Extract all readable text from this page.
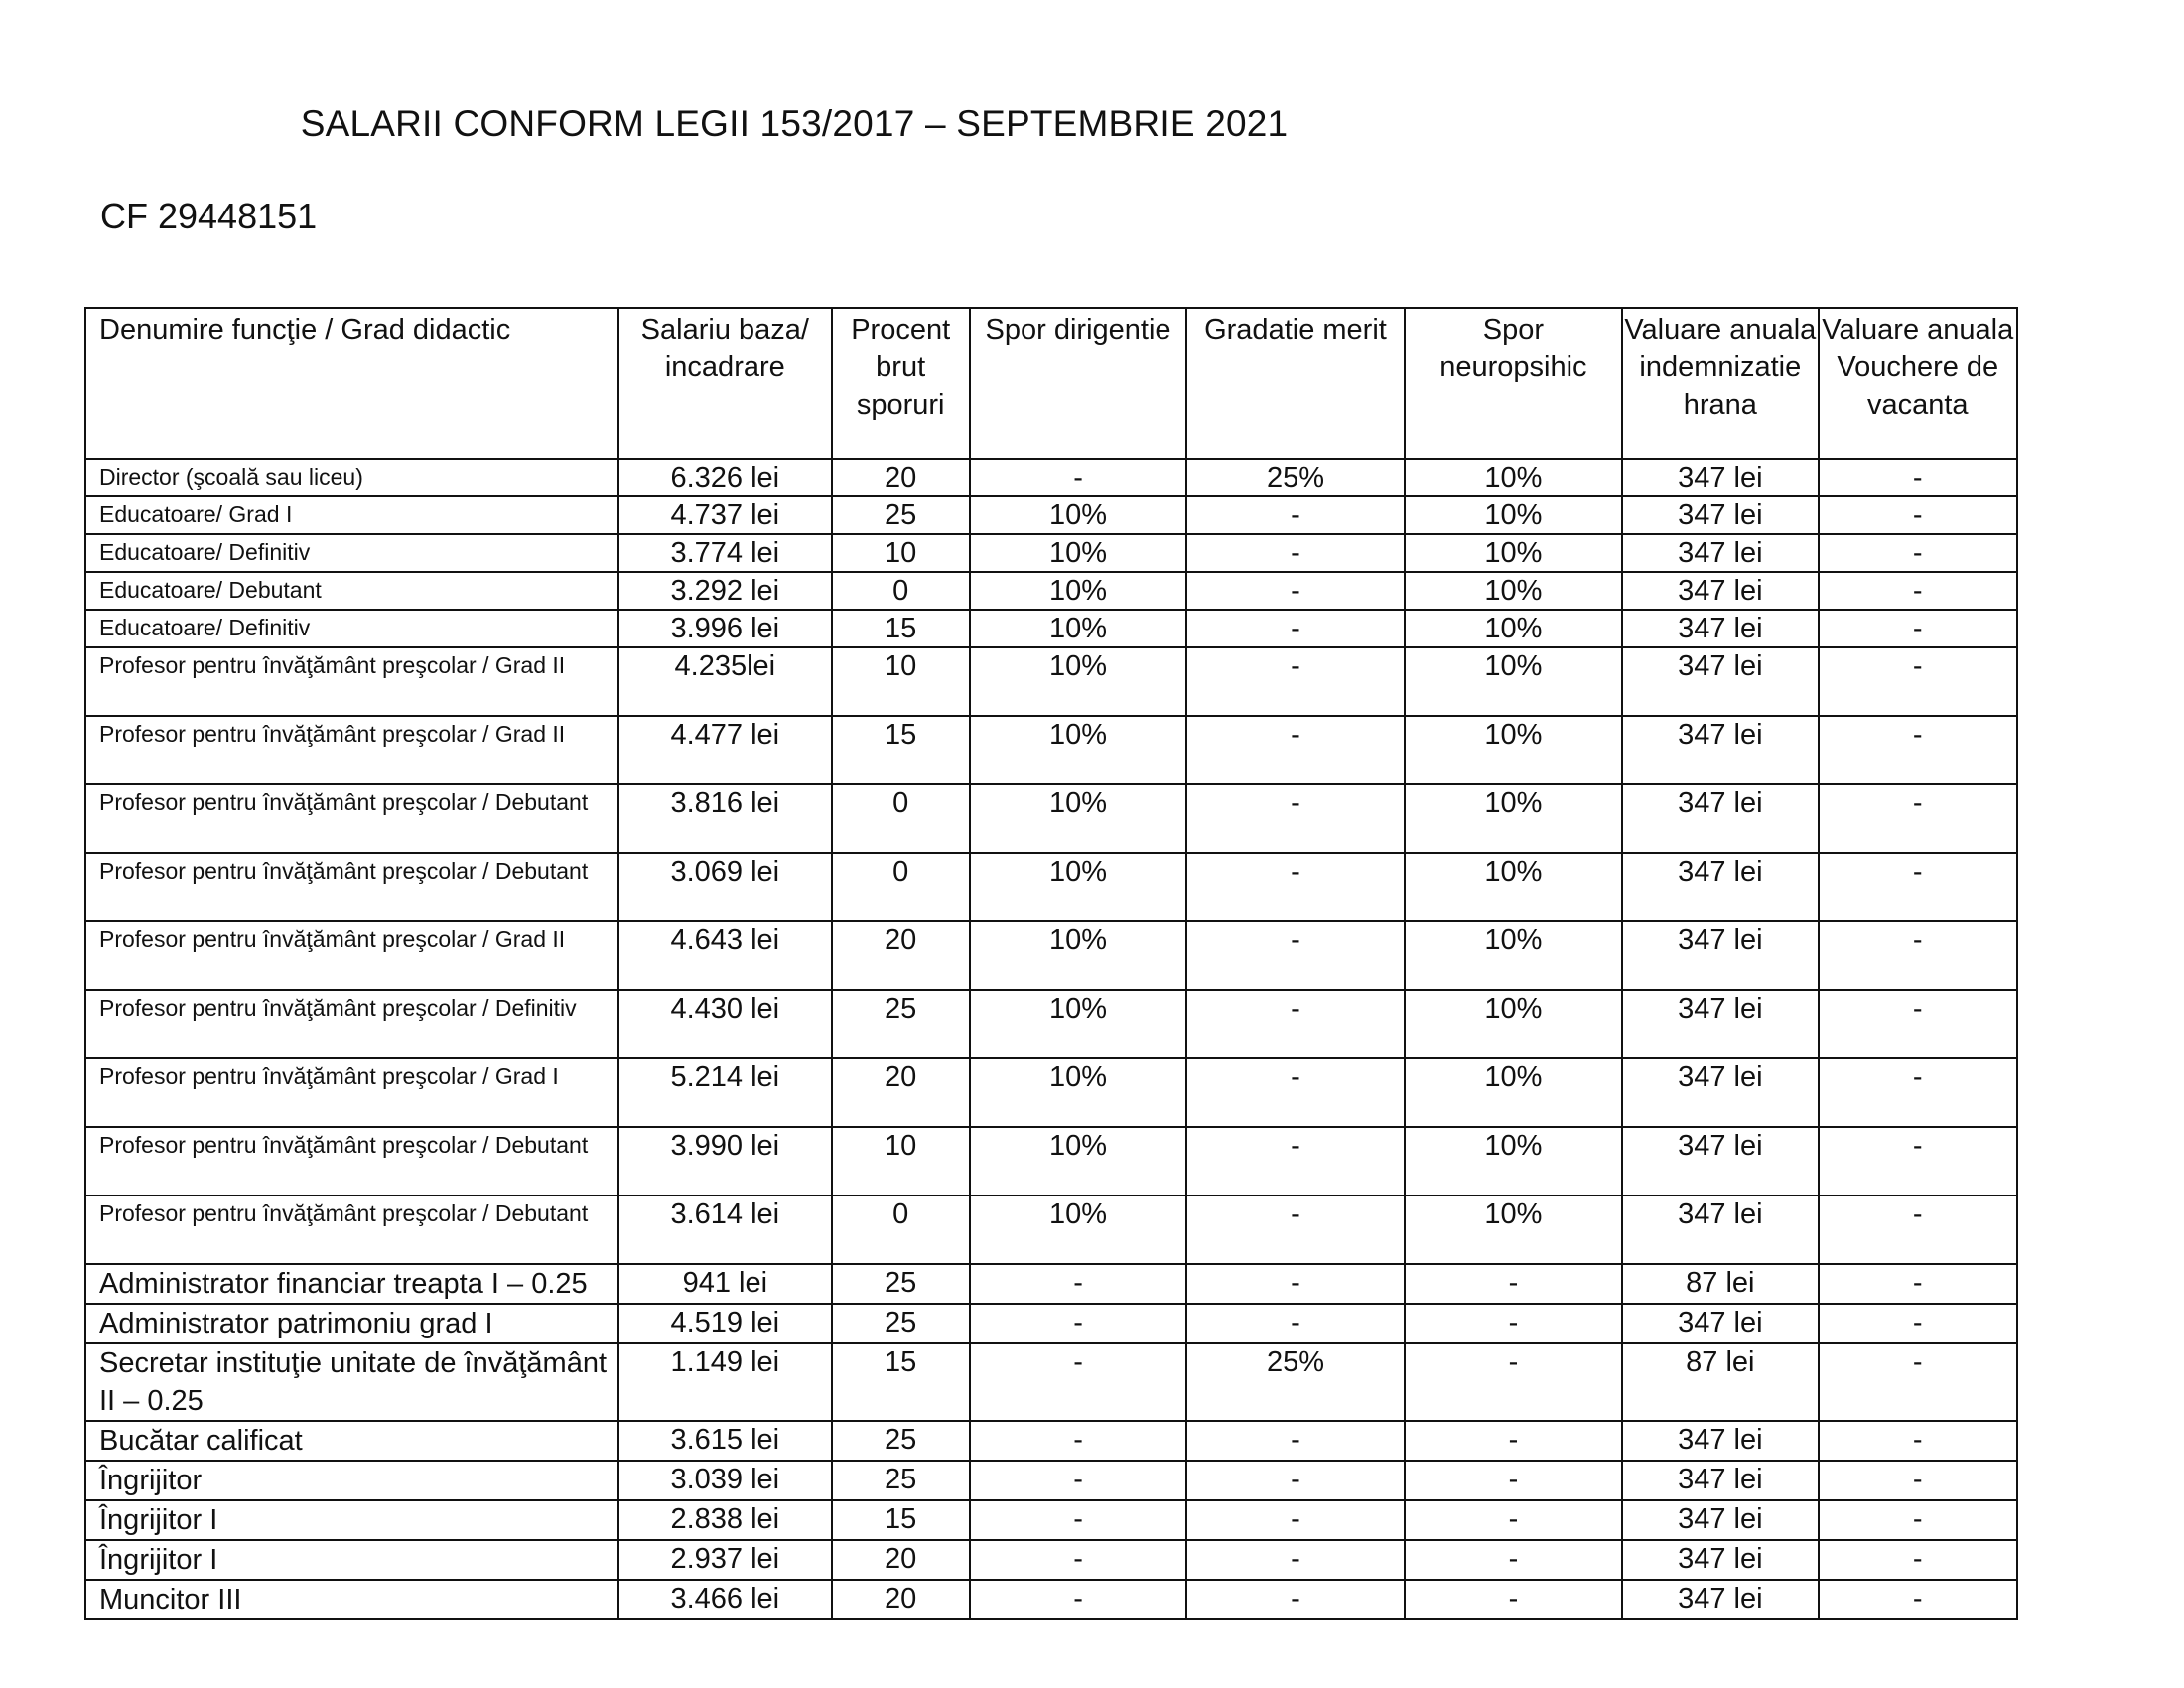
SALARII CONFORM LEGII 153/2017 – SEPTEMBRIE 2021
CF 29448151
Denumire funcţie / Grad didactic	Salariu baza/ incadrare	Procent brut sporuri	Spor dirigentie	Gradatie merit	Spor neuropsihic	Valuare anuala indemnizatie hrana	Valuare anuala Vouchere de vacanta
Director (şcoală sau liceu)	6.326 lei	20	-	25%	10%	347 lei	-
Educatoare/ Grad I	4.737 lei	25	10%	-	10%	347 lei	-
Educatoare/ Definitiv	3.774 lei	10	10%	-	10%	347 lei	-
Educatoare/ Debutant	3.292 lei	0	10%	-	10%	347 lei	-
Educatoare/ Definitiv	3.996 lei	15	10%	-	10%	347 lei	-
Profesor pentru învăţământ preşcolar / Grad II	4.235lei	10	10%	-	10%	347 lei	-
Profesor pentru învăţământ preşcolar / Grad II	4.477 lei	15	10%	-	10%	347 lei	-
Profesor pentru învăţământ preşcolar / Debutant	3.816 lei	0	10%	-	10%	347 lei	-
Profesor pentru învăţământ preşcolar / Debutant	3.069 lei	0	10%	-	10%	347 lei	-
Profesor pentru învăţământ preşcolar / Grad II	4.643 lei	20	10%	-	10%	347 lei	-
Profesor pentru învăţământ preşcolar / Definitiv	4.430 lei	25	10%	-	10%	347 lei	-
Profesor pentru învăţământ preşcolar / Grad I	5.214 lei	20	10%	-	10%	347 lei	-
Profesor pentru învăţământ preşcolar / Debutant	3.990 lei	10	10%	-	10%	347 lei	-
Profesor pentru învăţământ preşcolar / Debutant	3.614 lei	0	10%	-	10%	347 lei	-
Administrator financiar treapta I – 0.25	941 lei	25	-	-	-	87 lei	-
Administrator patrimoniu grad I	4.519 lei	25	-	-	-	347 lei	-
Secretar instituţie unitate de învăţământ II – 0.25	1.149 lei	15	-	25%	-	87 lei	-
Bucătar calificat	3.615 lei	25	-	-	-	347 lei	-
Îngrijitor	3.039 lei	25	-	-	-	347 lei	-
Îngrijitor I	2.838 lei	15	-	-	-	347 lei	-
Îngrijitor I	2.937 lei	20	-	-	-	347 lei	-
Muncitor III	3.466 lei	20	-	-	-	347 lei	-
